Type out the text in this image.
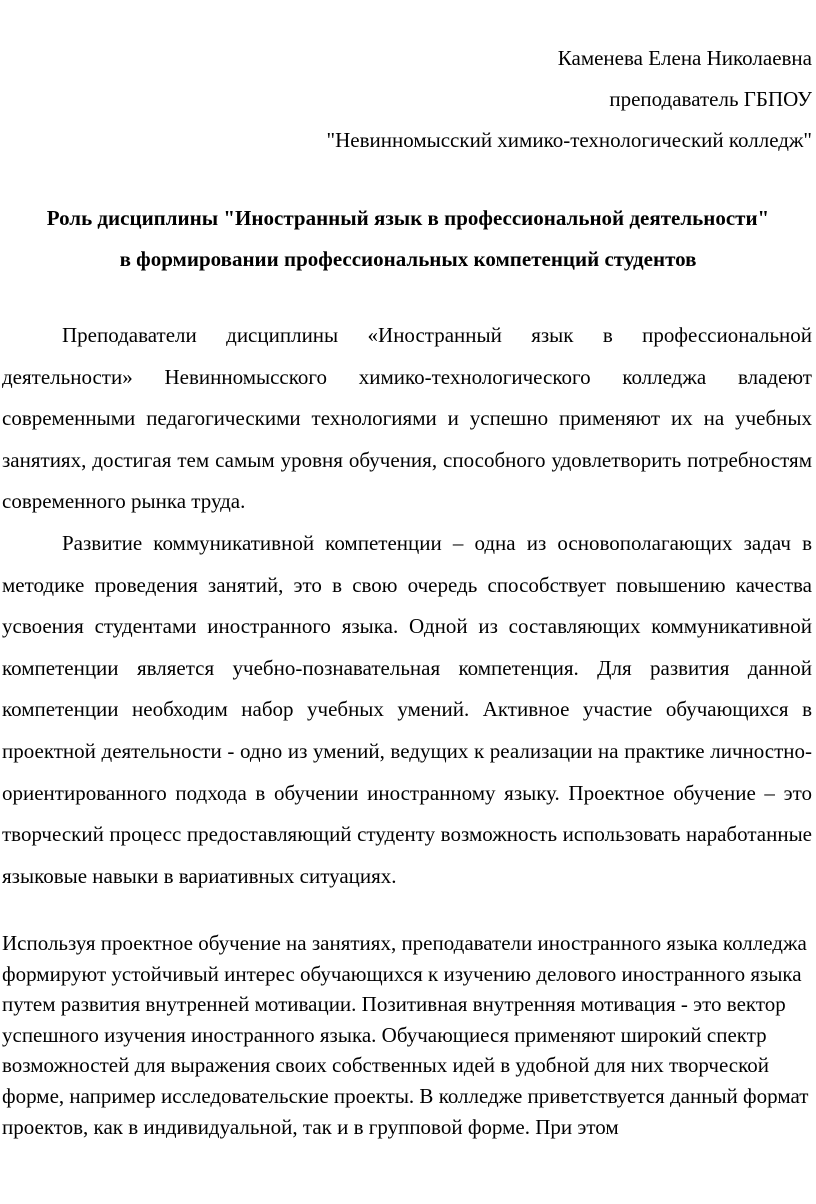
Каменева Елена Николаевна
преподаватель ГБПОУ
"Невинномысский химико-технологический колледж"
Роль дисциплины "Иностранный язык в профессиональной деятельности"
в формировании профессиональных компетенций студентов

Преподаватели дисциплины «Иностранный язык в профессиональной деятельности» Невинномысского химико-технологического колледжа владеют современными педагогическими технологиями и успешно применяют их на учебных занятиях, достигая тем самым уровня обучения, способного удовлетворить потребностям современного рынка труда.

Развитие коммуникативной компетенции – одна из основополагающих задач в методике проведения занятий, это в свою очередь способствует повышению качества усвоения студентами иностранного языка. Одной из составляющих коммуникативной компетенции является учебно-познавательная компетенция. Для развития данной компетенции необходим набор учебных умений. Активное участие обучающихся в проектной деятельности - одно из умений, ведущих к реализации на практике личностно-ориентированного подхода в обучении иностранному языку. Проектное обучение – это творческий процесс предоставляющий студенту возможность использовать наработанные языковые навыки в вариативных ситуациях.

Используя проектное обучение на занятиях, преподаватели иностранного языка колледжа формируют устойчивый интерес обучающихся к изучению делового иностранного языка путем развития внутренней мотивации. Позитивная внутренняя мотивация - это вектор успешного изучения иностранного языка. Обучающиеся применяют широкий спектр возможностей для выражения своих собственных идей в удобной для них творческой форме, например исследовательские проекты. В колледже приветствуется данный формат проектов, как в индивидуальной, так и в групповой форме. При этом
